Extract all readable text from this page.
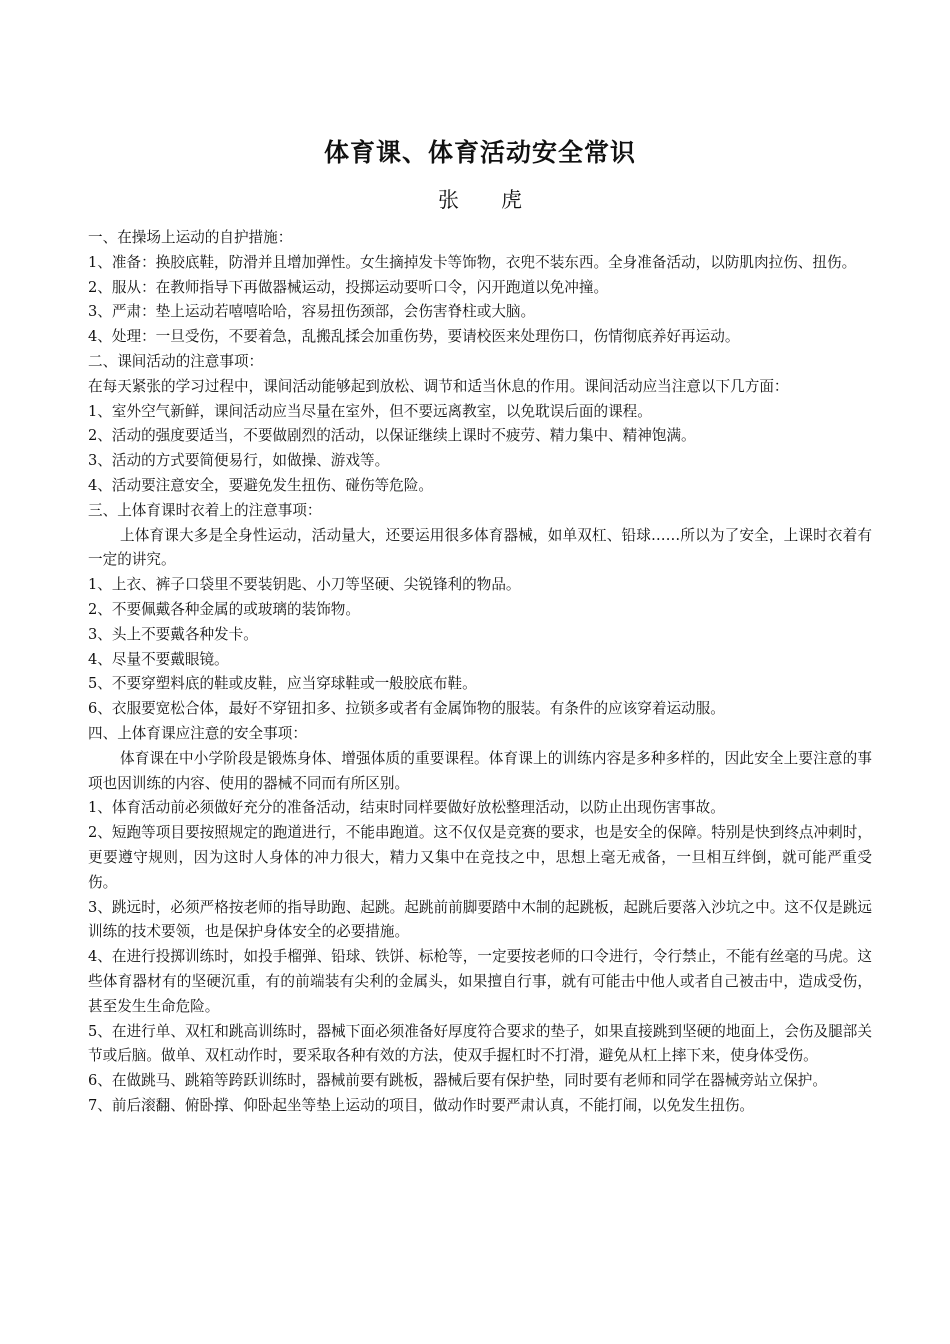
体育课、体育活动安全常识
张　　虎

一、在操场上运动的自护措施：

1、准备：换胶底鞋，防滑并且增加弹性。女生摘掉发卡等饰物，衣兜不装东西。全身准备活动，以防肌肉拉伤、扭伤。

2、服从：在教师指导下再做器械运动，投掷运动要听口令，闪开跑道以免冲撞。

3、严肃：垫上运动若嘻嘻哈哈，容易扭伤颈部，会伤害脊柱或大脑。

4、处理：一旦受伤，不要着急，乱搬乱揉会加重伤势，要请校医来处理伤口，伤情彻底养好再运动。

二、课间活动的注意事项：

在每天紧张的学习过程中，课间活动能够起到放松、调节和适当休息的作用。课间活动应当注意以下几方面：

1、室外空气新鲜，课间活动应当尽量在室外，但不要远离教室，以免耽误后面的课程。

2、活动的强度要适当，不要做剧烈的活动，以保证继续上课时不疲劳、精力集中、精神饱满。

3、活动的方式要简便易行，如做操、游戏等。

4、活动要注意安全，要避免发生扭伤、碰伤等危险。

三、上体育课时衣着上的注意事项：

上体育课大多是全身性运动，活动量大，还要运用很多体育器械，如单双杠、铅球……所以为了安全，上课时衣着有一定的讲究。

1、上衣、裤子口袋里不要装钥匙、小刀等坚硬、尖锐锋利的物品。

2、不要佩戴各种金属的或玻璃的装饰物。

3、头上不要戴各种发卡。

4、尽量不要戴眼镜。

5、不要穿塑料底的鞋或皮鞋，应当穿球鞋或一般胶底布鞋。

6、衣服要宽松合体，最好不穿钮扣多、拉锁多或者有金属饰物的服装。有条件的应该穿着运动服。

四、上体育课应注意的安全事项：

体育课在中小学阶段是锻炼身体、增强体质的重要课程。体育课上的训练内容是多种多样的，因此安全上要注意的事项也因训练的内容、使用的器械不同而有所区别。

1、体育活动前必须做好充分的准备活动，结束时同样要做好放松整理活动，以防止出现伤害事故。

2、短跑等项目要按照规定的跑道进行，不能串跑道。这不仅仅是竞赛的要求，也是安全的保障。特别是快到终点冲刺时，更要遵守规则，因为这时人身体的冲力很大，精力又集中在竞技之中，思想上毫无戒备，一旦相互绊倒，就可能严重受伤。

3、跳远时，必须严格按老师的指导助跑、起跳。起跳前前脚要踏中木制的起跳板，起跳后要落入沙坑之中。这不仅是跳远训练的技术要领，也是保护身体安全的必要措施。

4、在进行投掷训练时，如投手榴弹、铅球、铁饼、标枪等，一定要按老师的口令进行，令行禁止，不能有丝毫的马虎。这些体育器材有的坚硬沉重，有的前端装有尖利的金属头，如果擅自行事，就有可能击中他人或者自己被击中，造成受伤，甚至发生生命危险。

5、在进行单、双杠和跳高训练时，器械下面必须准备好厚度符合要求的垫子，如果直接跳到坚硬的地面上，会伤及腿部关节或后脑。做单、双杠动作时，要采取各种有效的方法，使双手握杠时不打滑，避免从杠上摔下来，使身体受伤。

6、在做跳马、跳箱等跨跃训练时，器械前要有跳板，器械后要有保护垫，同时要有老师和同学在器械旁站立保护。

7、前后滚翻、俯卧撑、仰卧起坐等垫上运动的项目，做动作时要严肃认真，不能打闹，以免发生扭伤。
